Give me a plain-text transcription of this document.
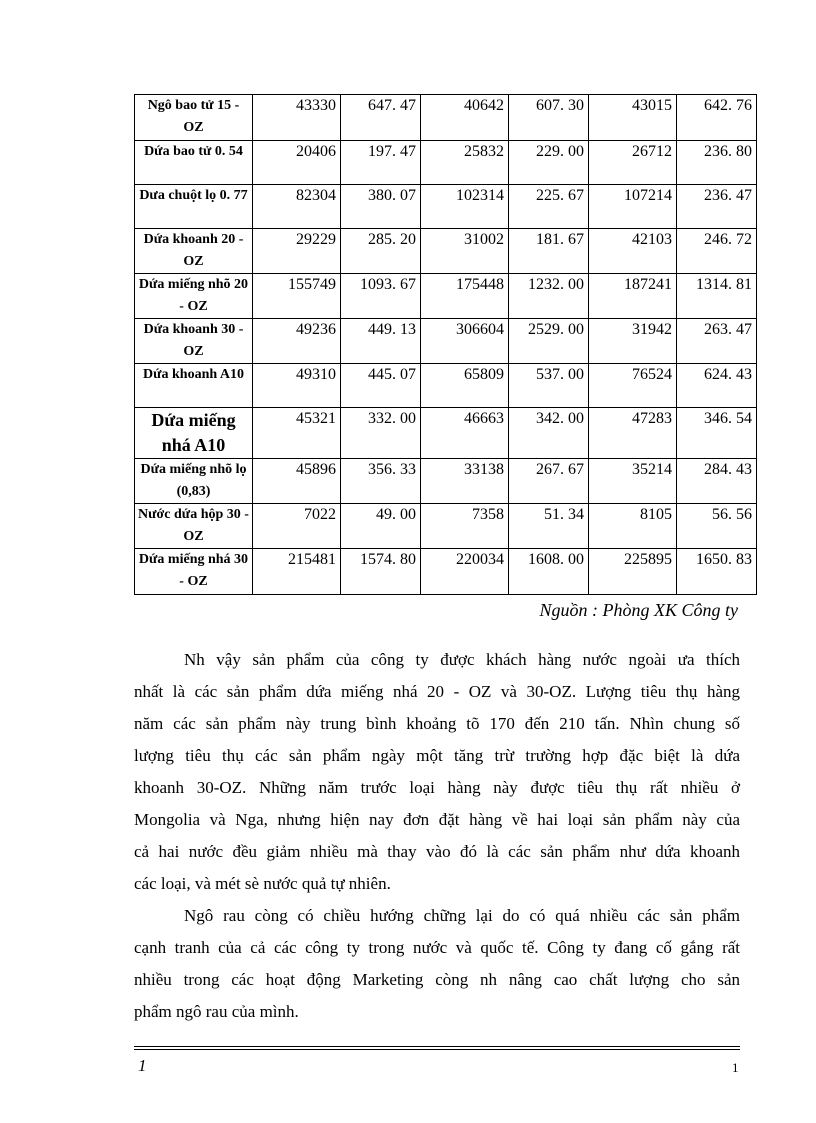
Ngô bao tử 15 - OZ	43330	647. 47	40642	607. 30	43015	642. 76
Dứa bao tử 0. 54	20406	197. 47	25832	229. 00	26712	236. 80
Dưa chuột lọ 0. 77	82304	380. 07	102314	225. 67	107214	236. 47
Dứa khoanh 20 - OZ	29229	285. 20	31002	181. 67	42103	246. 72
Dứa miếng nhõ 20 - OZ	155749	1093. 67	175448	1232. 00	187241	1314. 81
Dứa khoanh 30 - OZ	49236	449. 13	306604	2529. 00	31942	263. 47
Dứa khoanh A10	49310	445. 07	65809	537. 00	76524	624. 43
Dứa miếng nhá A10	45321	332. 00	46663	342. 00	47283	346. 54
Dứa miếng nhõ lọ (0,83)	45896	356. 33	33138	267. 67	35214	284. 43
Nước dứa hộp 30 - OZ	7022	49. 00	7358	51. 34	8105	56. 56
Dứa miếng nhá 30 - OZ	215481	1574. 80	220034	1608. 00	225895	1650. 83
Nguồn : Phòng XK Công ty
Nh vậy sản phẩm của công ty được khách hàng nước ngoài ưa thích
nhất là các sản phẩm dứa miếng nhá 20 - OZ và 30-OZ. Lượng tiêu thụ hàng
năm các sản phẩm này trung bình khoảng tõ 170 đến 210 tấn. Nhìn chung số
lượng tiêu thụ các sản phẩm ngày một tăng trừ trường hợp đặc biệt là dứa
khoanh 30-OZ. Những năm trước loại hàng này được tiêu thụ rất nhiều ở
Mongolia và Nga, nhưng hiện nay đơn đặt hàng về hai loại sản phẩm này của
cả hai nước đều giảm nhiều mà thay vào đó là các sản phẩm như dứa khoanh
các loại, và mét sè nước quả tự nhiên.
Ngô rau còng có chiều hướng chững lại do có quá nhiều các sản phẩm
cạnh tranh của cả các công ty trong nước và quốc tế. Công ty đang cố gắng rất
nhiều trong các hoạt động Marketing còng nh nâng cao chất lượng cho sản
phẩm ngô rau của mình.
1	1
